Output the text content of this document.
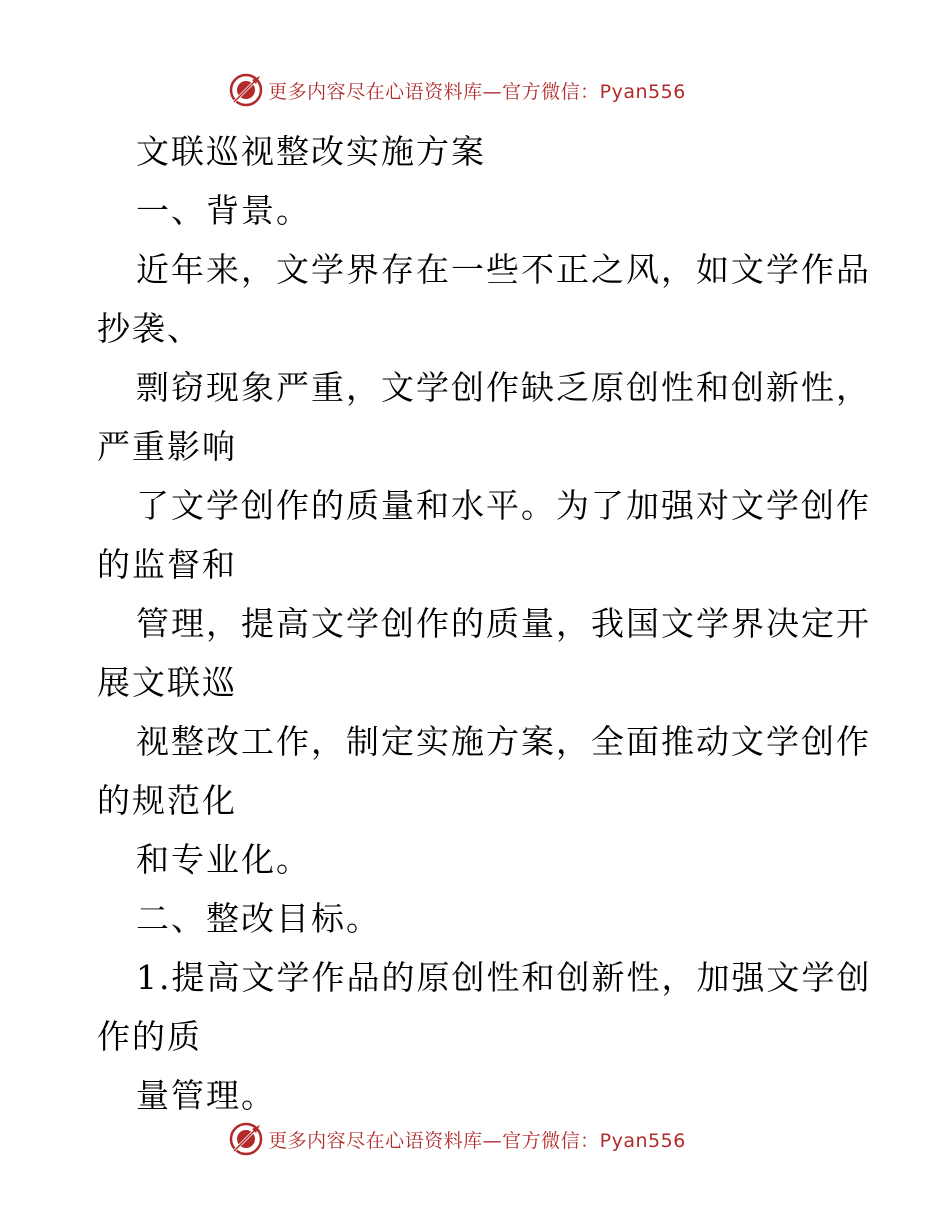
更多内容尽在心语资料库—官方微信：Pyan556
文联巡视整改实施方案
一、背景。
近年来，文学界存在一些不正之风，如文学作品
抄袭、
剽窃现象严重，文学创作缺乏原创性和创新性，
严重影响
了文学创作的质量和水平。为了加强对文学创作
的监督和
管理，提高文学创作的质量，我国文学界决定开
展文联巡
视整改工作，制定实施方案，全面推动文学创作
的规范化
和专业化。
二、整改目标。
1.提高文学作品的原创性和创新性，加强文学创
作的质
量管理。
更多内容尽在心语资料库—官方微信：Pyan556
